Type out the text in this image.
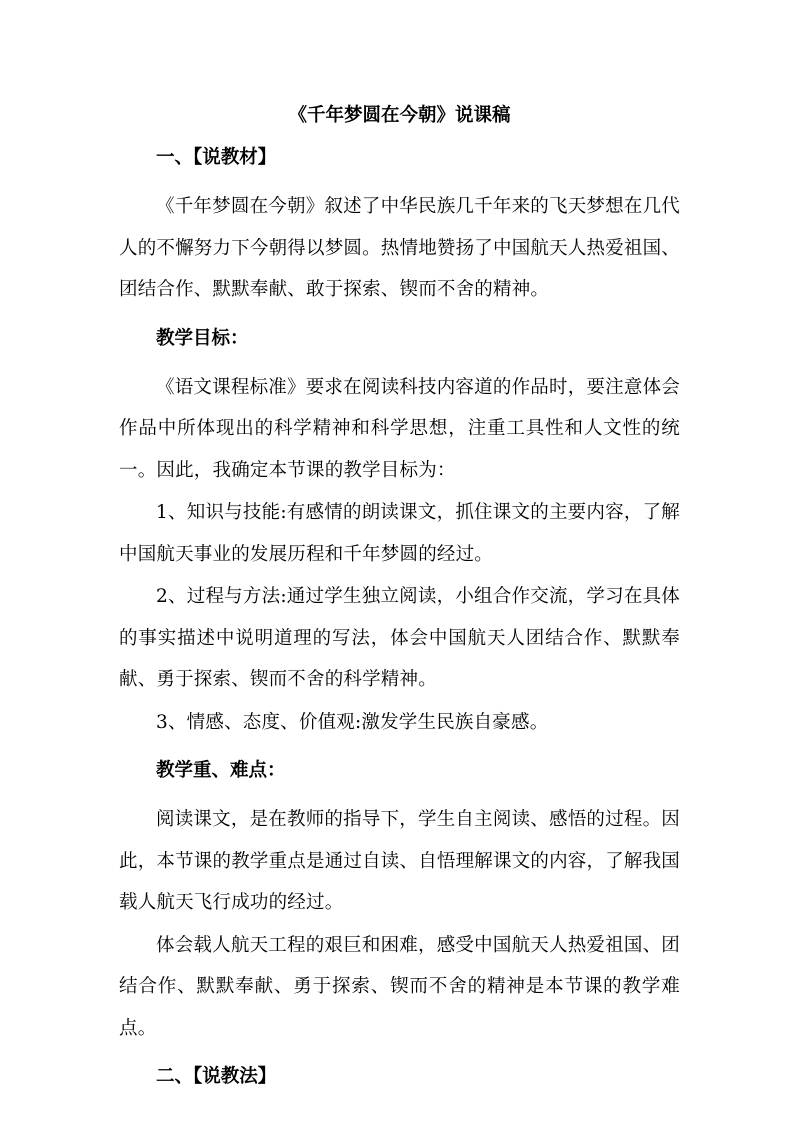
《千年梦圆在今朝》说课稿
一、【说教材】

《千年梦圆在今朝》叙述了中华民族几千年来的飞天梦想在几代人的不懈努力下今朝得以梦圆。热情地赞扬了中国航天人热爱祖国、团结合作、默默奉献、敢于探索、锲而不舍的精神。

教学目标：

《语文课程标准》要求在阅读科技内容道的作品时，要注意体会作品中所体现出的科学精神和科学思想，注重工具性和人文性的统一。因此，我确定本节课的教学目标为：

1、知识与技能:有感情的朗读课文，抓住课文的主要内容，了解中国航天事业的发展历程和千年梦圆的经过。

2、过程与方法:通过学生独立阅读，小组合作交流，学习在具体的事实描述中说明道理的写法，体会中国航天人团结合作、默默奉献、勇于探索、锲而不舍的科学精神。

3、情感、态度、价值观:激发学生民族自豪感。

教学重、难点：

阅读课文，是在教师的指导下，学生自主阅读、感悟的过程。因此，本节课的教学重点是通过自读、自悟理解课文的内容，了解我国载人航天飞行成功的经过。

体会载人航天工程的艰巨和困难，感受中国航天人热爱祖国、团结合作、默默奉献、勇于探索、锲而不舍的精神是本节课的教学难点。

二、【说教法】
